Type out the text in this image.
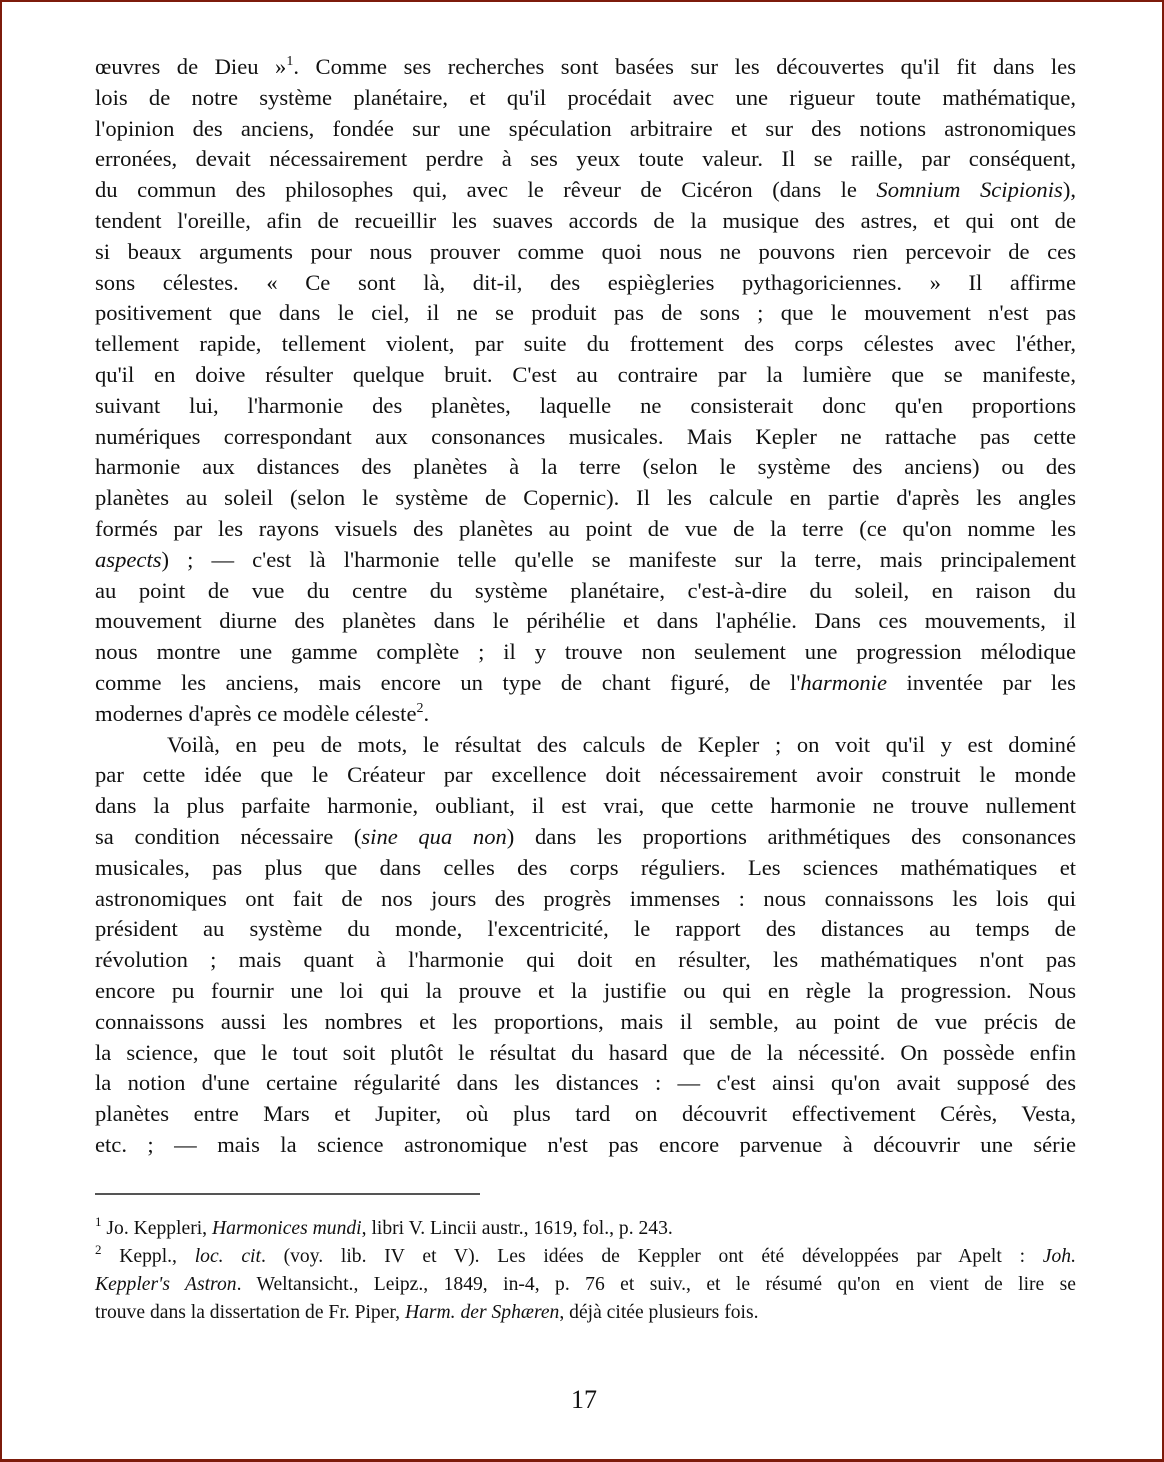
œuvres de Dieu »$^1$. Comme ses recherches sont basées sur les découvertes qu'il fit dans les
lois de notre système planétaire, et qu'il procédait avec une rigueur toute mathématique,
l'opinion des anciens, fondée sur une spéculation arbitraire et sur des notions astronomiques
erronées, devait nécessairement perdre à ses yeux toute valeur. Il se raille, par conséquent,
du commun des philosophes qui, avec le rêveur de Cicéron (dans le Somnium Scipionis),
tendent l'oreille, afin de recueillir les suaves accords de la musique des astres, et qui ont de
si beaux arguments pour nous prouver comme quoi nous ne pouvons rien percevoir de ces
sons célestes. « Ce sont là, dit-il, des espiègleries pythagoriciennes. » Il affirme
positivement que dans le ciel, il ne se produit pas de sons ; que le mouvement n'est pas
tellement rapide, tellement violent, par suite du frottement des corps célestes avec l'éther,
qu'il en doive résulter quelque bruit. C'est au contraire par la lumière que se manifeste,
suivant lui, l'harmonie des planètes, laquelle ne consisterait donc qu'en proportions
numériques correspondant aux consonances musicales. Mais Kepler ne rattache pas cette
harmonie aux distances des planètes à la terre (selon le système des anciens) ou des
planètes au soleil (selon le système de Copernic). Il les calcule en partie d'après les angles
formés par les rayons visuels des planètes au point de vue de la terre (ce qu'on nomme les
aspects) ; — c'est là l'harmonie telle qu'elle se manifeste sur la terre, mais principalement
au point de vue du centre du système planétaire, c'est-à-dire du soleil, en raison du
mouvement diurne des planètes dans le périhélie et dans l'aphélie. Dans ces mouvements, il
nous montre une gamme complète ; il y trouve non seulement une progression mélodique
comme les anciens, mais encore un type de chant figuré, de l'harmonie inventée par les
modernes d'après ce modèle céleste$^2$.
Voilà, en peu de mots, le résultat des calculs de Kepler ; on voit qu'il y est dominé
par cette idée que le Créateur par excellence doit nécessairement avoir construit le monde
dans la plus parfaite harmonie, oubliant, il est vrai, que cette harmonie ne trouve nullement
sa condition nécessaire (sine qua non) dans les proportions arithmétiques des consonances
musicales, pas plus que dans celles des corps réguliers. Les sciences mathématiques et
astronomiques ont fait de nos jours des progrès immenses : nous connaissons les lois qui
président au système du monde, l'excentricité, le rapport des distances au temps de
révolution ; mais quant à l'harmonie qui doit en résulter, les mathématiques n'ont pas
encore pu fournir une loi qui la prouve et la justifie ou qui en règle la progression. Nous
connaissons aussi les nombres et les proportions, mais il semble, au point de vue précis de
la science, que le tout soit plutôt le résultat du hasard que de la nécessité. On possède enfin
la notion d'une certaine régularité dans les distances : — c'est ainsi qu'on avait supposé des
planètes entre Mars et Jupiter, où plus tard on découvrit effectivement Cérès, Vesta,
etc. ; — mais la science astronomique n'est pas encore parvenue à découvrir une série
$^1$ Jo. Keppleri, Harmonices mundi, libri V. Lincii austr., 1619, fol., p. 243.
$^2$ Keppl., loc. cit. (voy. lib. IV et V). Les idées de Keppler ont été développées par Apelt : Joh.
Keppler's Astron. Weltansicht., Leipz., 1849, in-4, p. 76 et suiv., et le résumé qu'on en vient de lire se
trouve dans la dissertation de Fr. Piper, Harm. der Sphæren, déjà citée plusieurs fois.
17
